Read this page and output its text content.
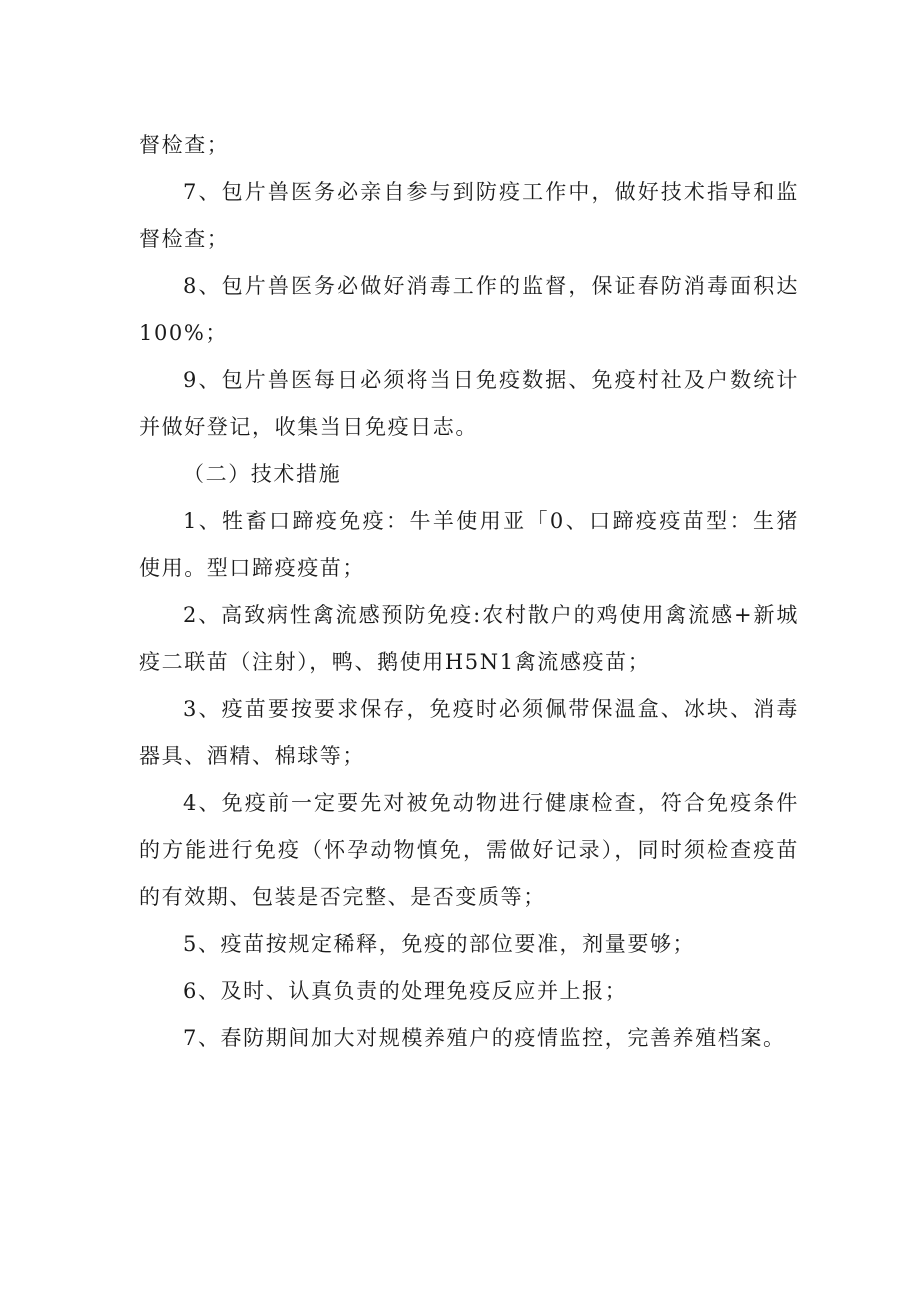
督检查；

7、包片兽医务必亲自参与到防疫工作中，做好技术指导和监督检查；

8、包片兽医务必做好消毒工作的监督，保证春防消毒面积达100%；

9、包片兽医每日必须将当日免疫数据、免疫村社及户数统计并做好登记，收集当日免疫日志。

（二）技术措施

1、牲畜口蹄疫免疫：牛羊使用亚「0、口蹄疫疫苗型：生猪使用。型口蹄疫疫苗；

2、高致病性禽流感预防免疫:农村散户的鸡使用禽流感+新城疫二联苗（注射），鸭、鹅使用H5N1禽流感疫苗；

3、疫苗要按要求保存，免疫时必须佩带保温盒、冰块、消毒器具、酒精、棉球等；

4、免疫前一定要先对被免动物进行健康检查，符合免疫条件的方能进行免疫（怀孕动物慎免，需做好记录），同时须检查疫苗的有效期、包装是否完整、是否变质等；

5、疫苗按规定稀释，免疫的部位要准，剂量要够；

6、及时、认真负责的处理免疫反应并上报；

7、春防期间加大对规模养殖户的疫情监控，完善养殖档案。
